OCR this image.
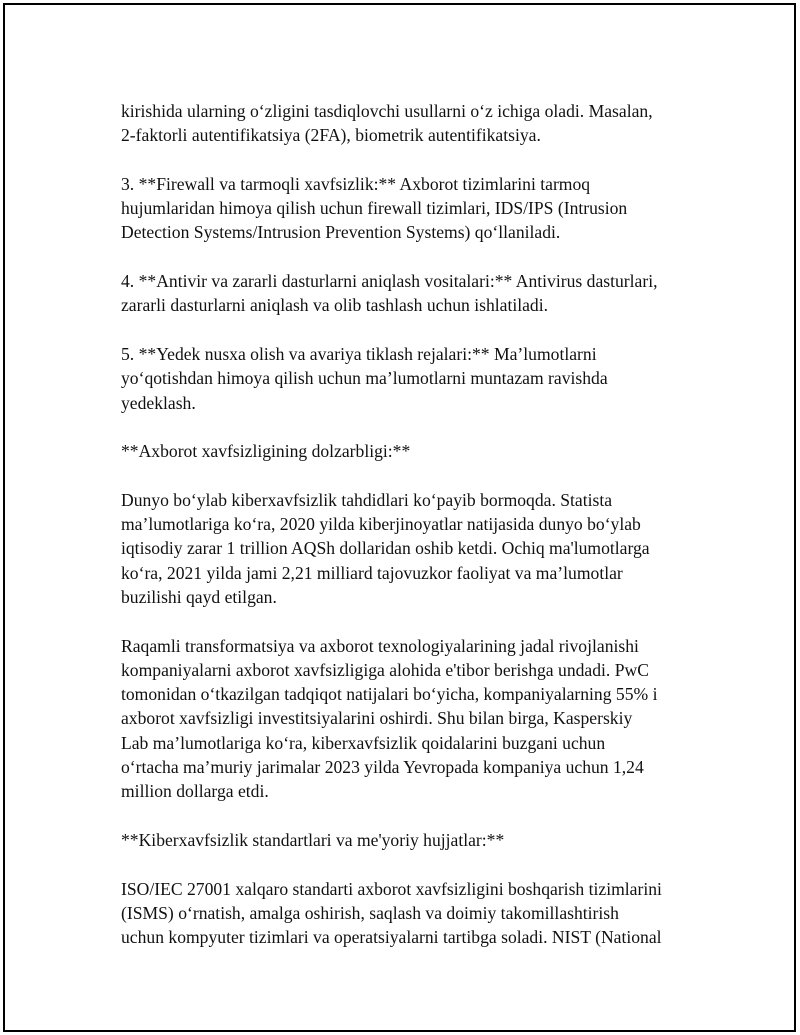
kirishida ularning oʻzligini tasdiqlovchi usullarni oʻz ichiga oladi. Masalan,
2-faktorli autentifikatsiya (2FA), biometrik autentifikatsiya.

3. **Firewall va tarmoqli xavfsizlik:** Axborot tizimlarini tarmoq
hujumlaridan himoya qilish uchun firewall tizimlari, IDS/IPS (Intrusion
Detection Systems/Intrusion Prevention Systems) qoʻllaniladi.

4. **Antivir va zararli dasturlarni aniqlash vositalari:** Antivirus dasturlari,
zararli dasturlarni aniqlash va olib tashlash uchun ishlatiladi.

5. **Yedek nusxa olish va avariya tiklash rejalari:** Maʼlumotlarni
yoʻqotishdan himoya qilish uchun maʼlumotlarni muntazam ravishda
yedeklash.

**Axborot xavfsizligining dolzarbligi:**

Dunyo boʻylab kiberxavfsizlik tahdidlari koʻpayib bormoqda. Statista
maʼlumotlariga koʻra, 2020 yilda kiberjinoyatlar natijasida dunyo boʻylab
iqtisodiy zarar 1 trillion AQSh dollaridan oshib ketdi. Ochiq ma'lumotlarga
koʻra, 2021 yilda jami 2,21 milliard tajovuzkor faoliyat va maʼlumotlar
buzilishi qayd etilgan.

Raqamli transformatsiya va axborot texnologiyalarining jadal rivojlanishi
kompaniyalarni axborot xavfsizligiga alohida e'tibor berishga undadi. PwC
tomonidan oʻtkazilgan tadqiqot natijalari boʻyicha, kompaniyalarning 55% i
axborot xavfsizligi investitsiyalarini oshirdi. Shu bilan birga, Kasperskiy
Lab maʼlumotlariga koʻra, kiberxavfsizlik qoidalarini buzgani uchun
oʻrtacha maʼmuriy jarimalar 2023 yilda Yevropada kompaniya uchun 1,24
million dollarga etdi.

**Kiberxavfsizlik standartlari va me'yoriy hujjatlar:**

ISO/IEC 27001 xalqaro standarti axborot xavfsizligini boshqarish tizimlarini
(ISMS) oʻrnatish, amalga oshirish, saqlash va doimiy takomillashtirish
uchun kompyuter tizimlari va operatsiyalarni tartibga soladi. NIST (National
